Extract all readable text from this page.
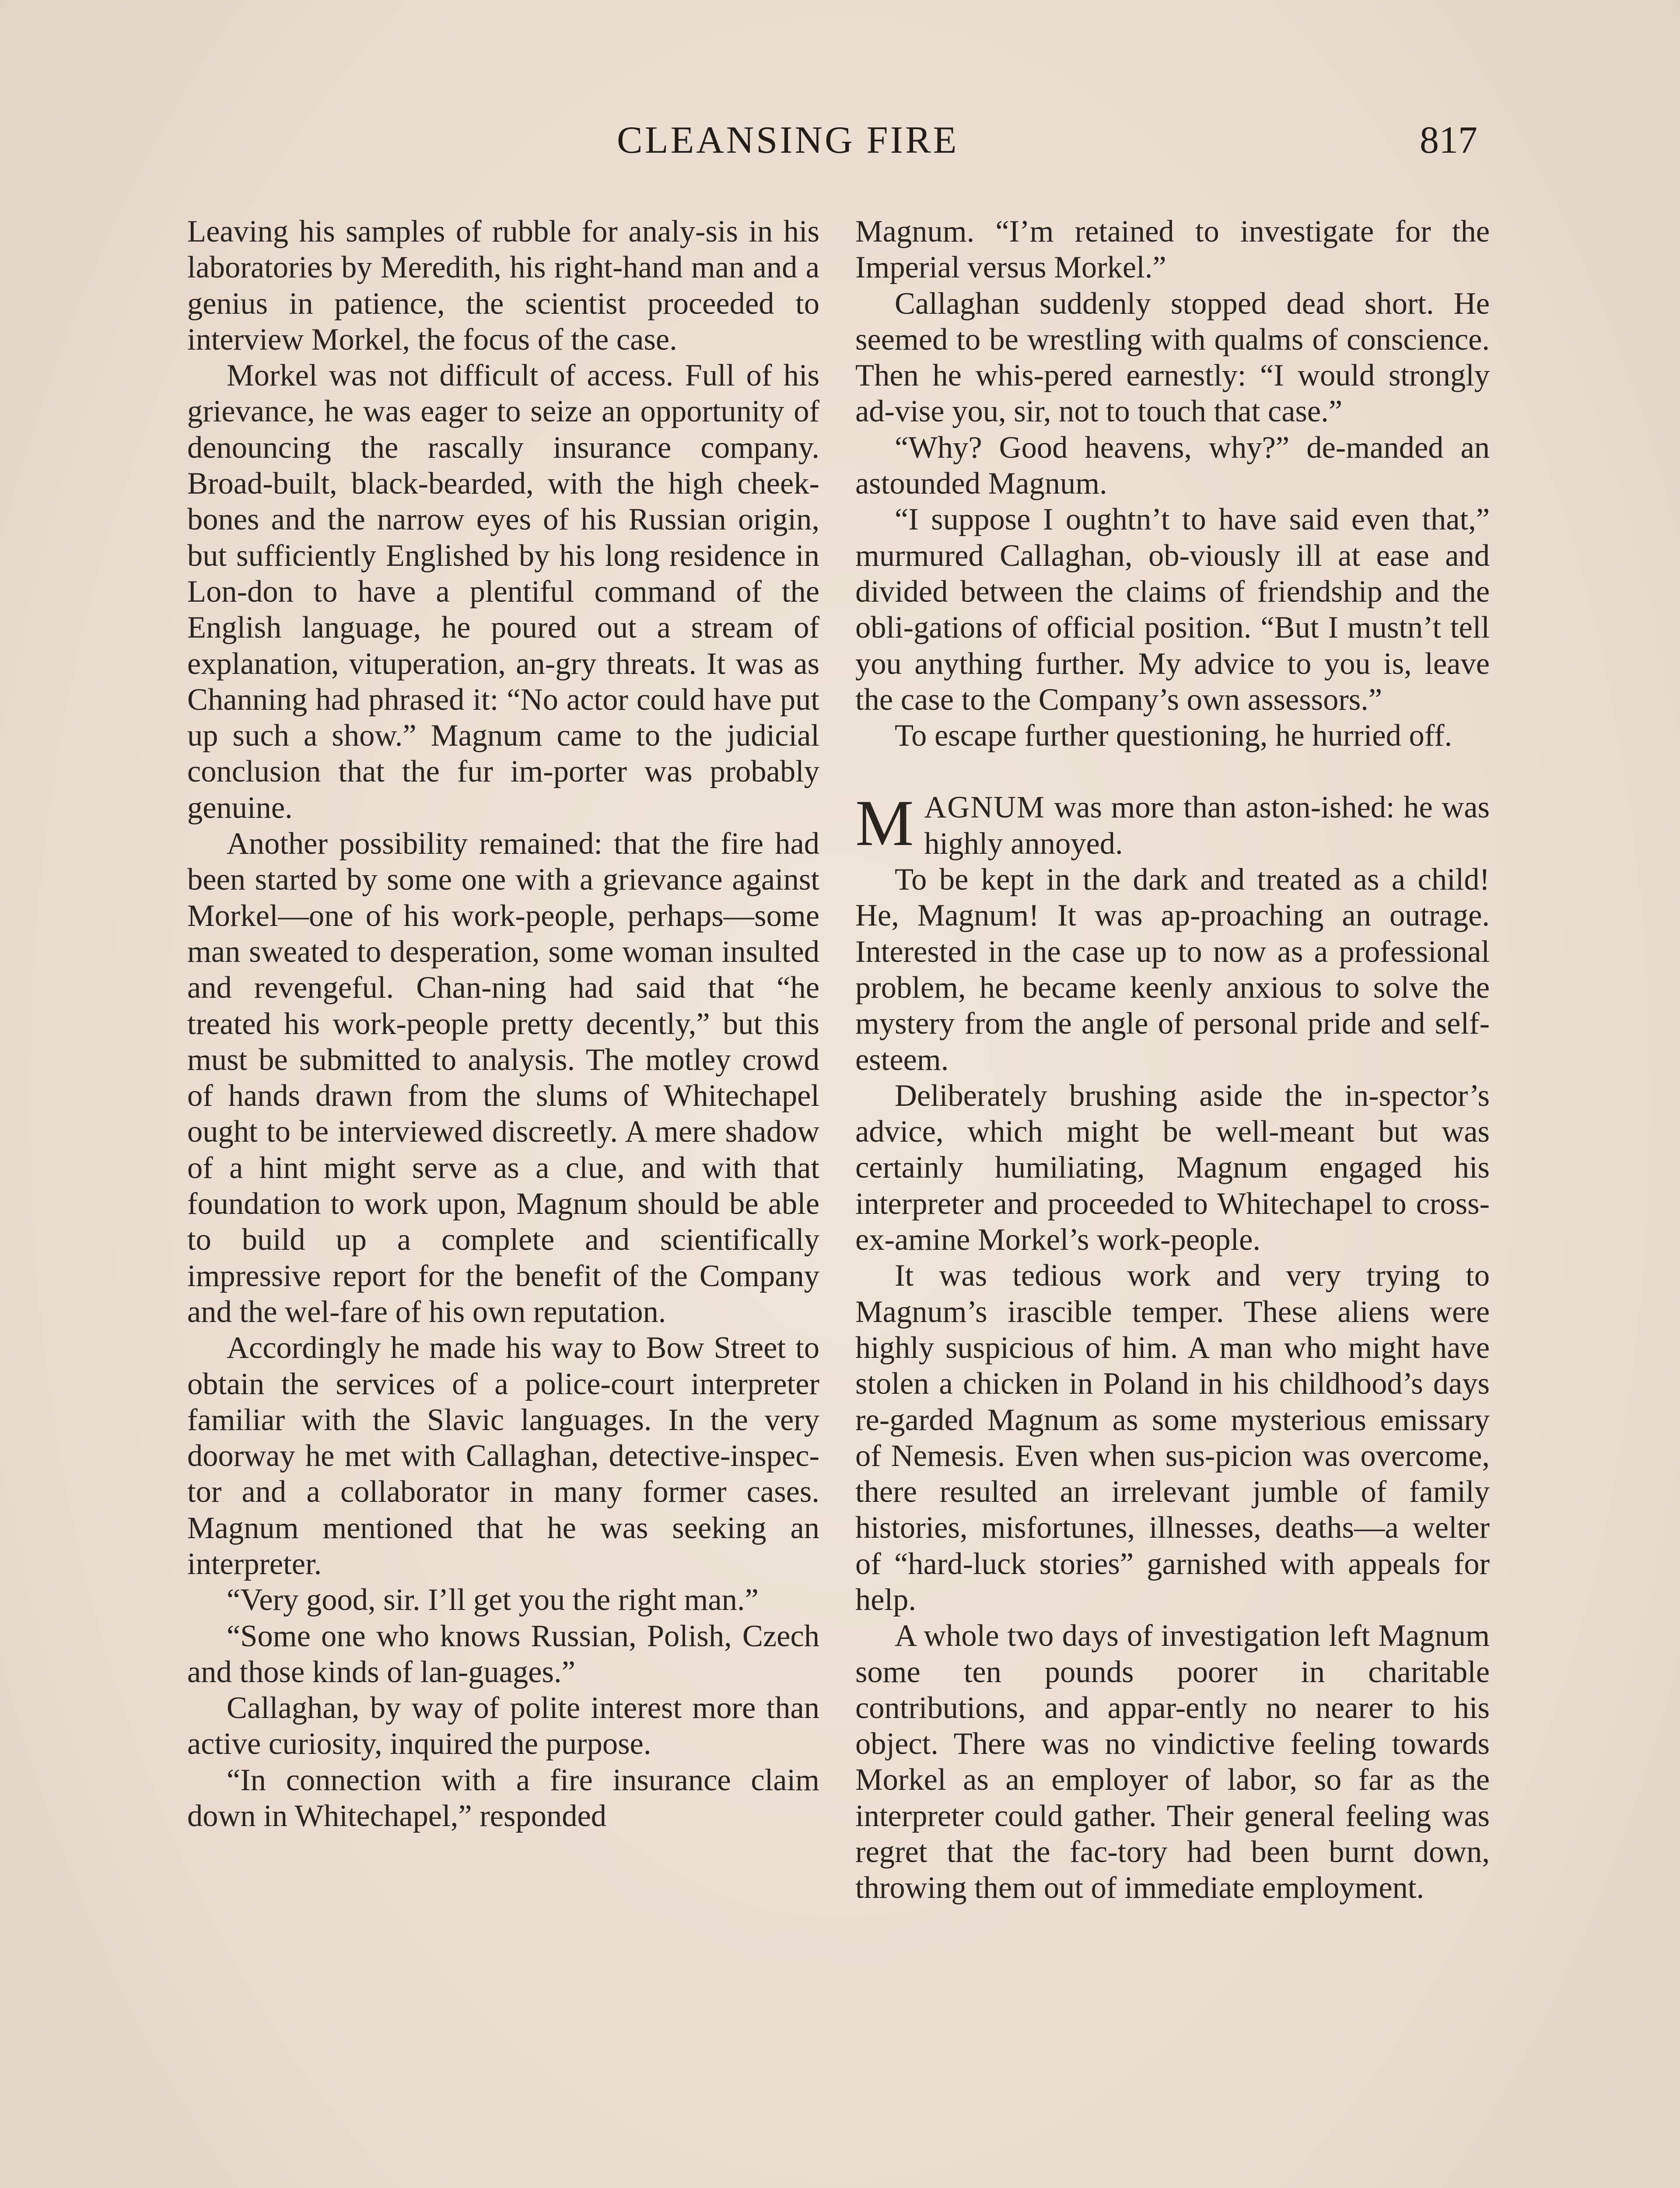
CLEANSING FIRE	817

Leaving his samples of rubble for analy-sis in his laboratories by Meredith, his right-hand man and a genius in patience, the scientist proceeded to interview Morkel, the focus of the case.

Morkel was not difficult of access. Full of his grievance, he was eager to seize an opportunity of denouncing the rascally insurance company. Broad-built, black-bearded, with the high cheek-bones and the narrow eyes of his Russian origin, but sufficiently Englished by his long residence in Lon-don to have a plentiful command of the English language, he poured out a stream of explanation, vituperation, an-gry threats. It was as Channing had phrased it: “No actor could have put up such a show.” Magnum came to the judicial conclusion that the fur im-porter was probably genuine.

Another possibility remained: that the fire had been started by some one with a grievance against Morkel—one of his work-people, perhaps—some man sweated to desperation, some woman insulted and revengeful. Chan-ning had said that “he treated his work-people pretty decently,” but this must be submitted to analysis. The motley crowd of hands drawn from the slums of Whitechapel ought to be interviewed discreetly. A mere shadow of a hint might serve as a clue, and with that foundation to work upon, Magnum should be able to build up a complete and scientifically impressive report for the benefit of the Company and the wel-fare of his own reputation.

Accordingly he made his way to Bow Street to obtain the services of a police-court interpreter familiar with the Slavic languages. In the very doorway he met with Callaghan, detective-inspec-tor and a collaborator in many former cases. Magnum mentioned that he was seeking an interpreter.

“Very good, sir. I’ll get you the right man.”

“Some one who knows Russian, Polish, Czech and those kinds of lan-guages.”

Callaghan, by way of polite interest more than active curiosity, inquired the purpose.

“In connection with a fire insurance claim down in Whitechapel,” responded

Magnum. “I’m retained to investigate for the Imperial versus Morkel.”

Callaghan suddenly stopped dead short. He seemed to be wrestling with qualms of conscience. Then he whis-pered earnestly: “I would strongly ad-vise you, sir, not to touch that case.”

“Why? Good heavens, why?” de-manded an astounded Magnum.

“I suppose I oughtn’t to have said even that,” murmured Callaghan, ob-viously ill at ease and divided between the claims of friendship and the obli-gations of official position. “But I mustn’t tell you anything further. My advice to you is, leave the case to the Company’s own assessors.”

To escape further questioning, he hurried off.

MAGNUM was more than aston-ished: he was highly annoyed.

To be kept in the dark and treated as a child! He, Magnum! It was ap-proaching an outrage. Interested in the case up to now as a professional problem, he became keenly anxious to solve the mystery from the angle of personal pride and self-esteem.

Deliberately brushing aside the in-spector’s advice, which might be well-meant but was certainly humiliating, Magnum engaged his interpreter and proceeded to Whitechapel to cross-ex-amine Morkel’s work-people.

It was tedious work and very trying to Magnum’s irascible temper. These aliens were highly suspicious of him. A man who might have stolen a chicken in Poland in his childhood’s days re-garded Magnum as some mysterious emissary of Nemesis. Even when sus-picion was overcome, there resulted an irrelevant jumble of family histories, misfortunes, illnesses, deaths—a welter of “hard-luck stories” garnished with appeals for help.

A whole two days of investigation left Magnum some ten pounds poorer in charitable contributions, and appar-ently no nearer to his object. There was no vindictive feeling towards Morkel as an employer of labor, so far as the interpreter could gather. Their general feeling was regret that the fac-tory had been burnt down, throwing them out of immediate employment.
